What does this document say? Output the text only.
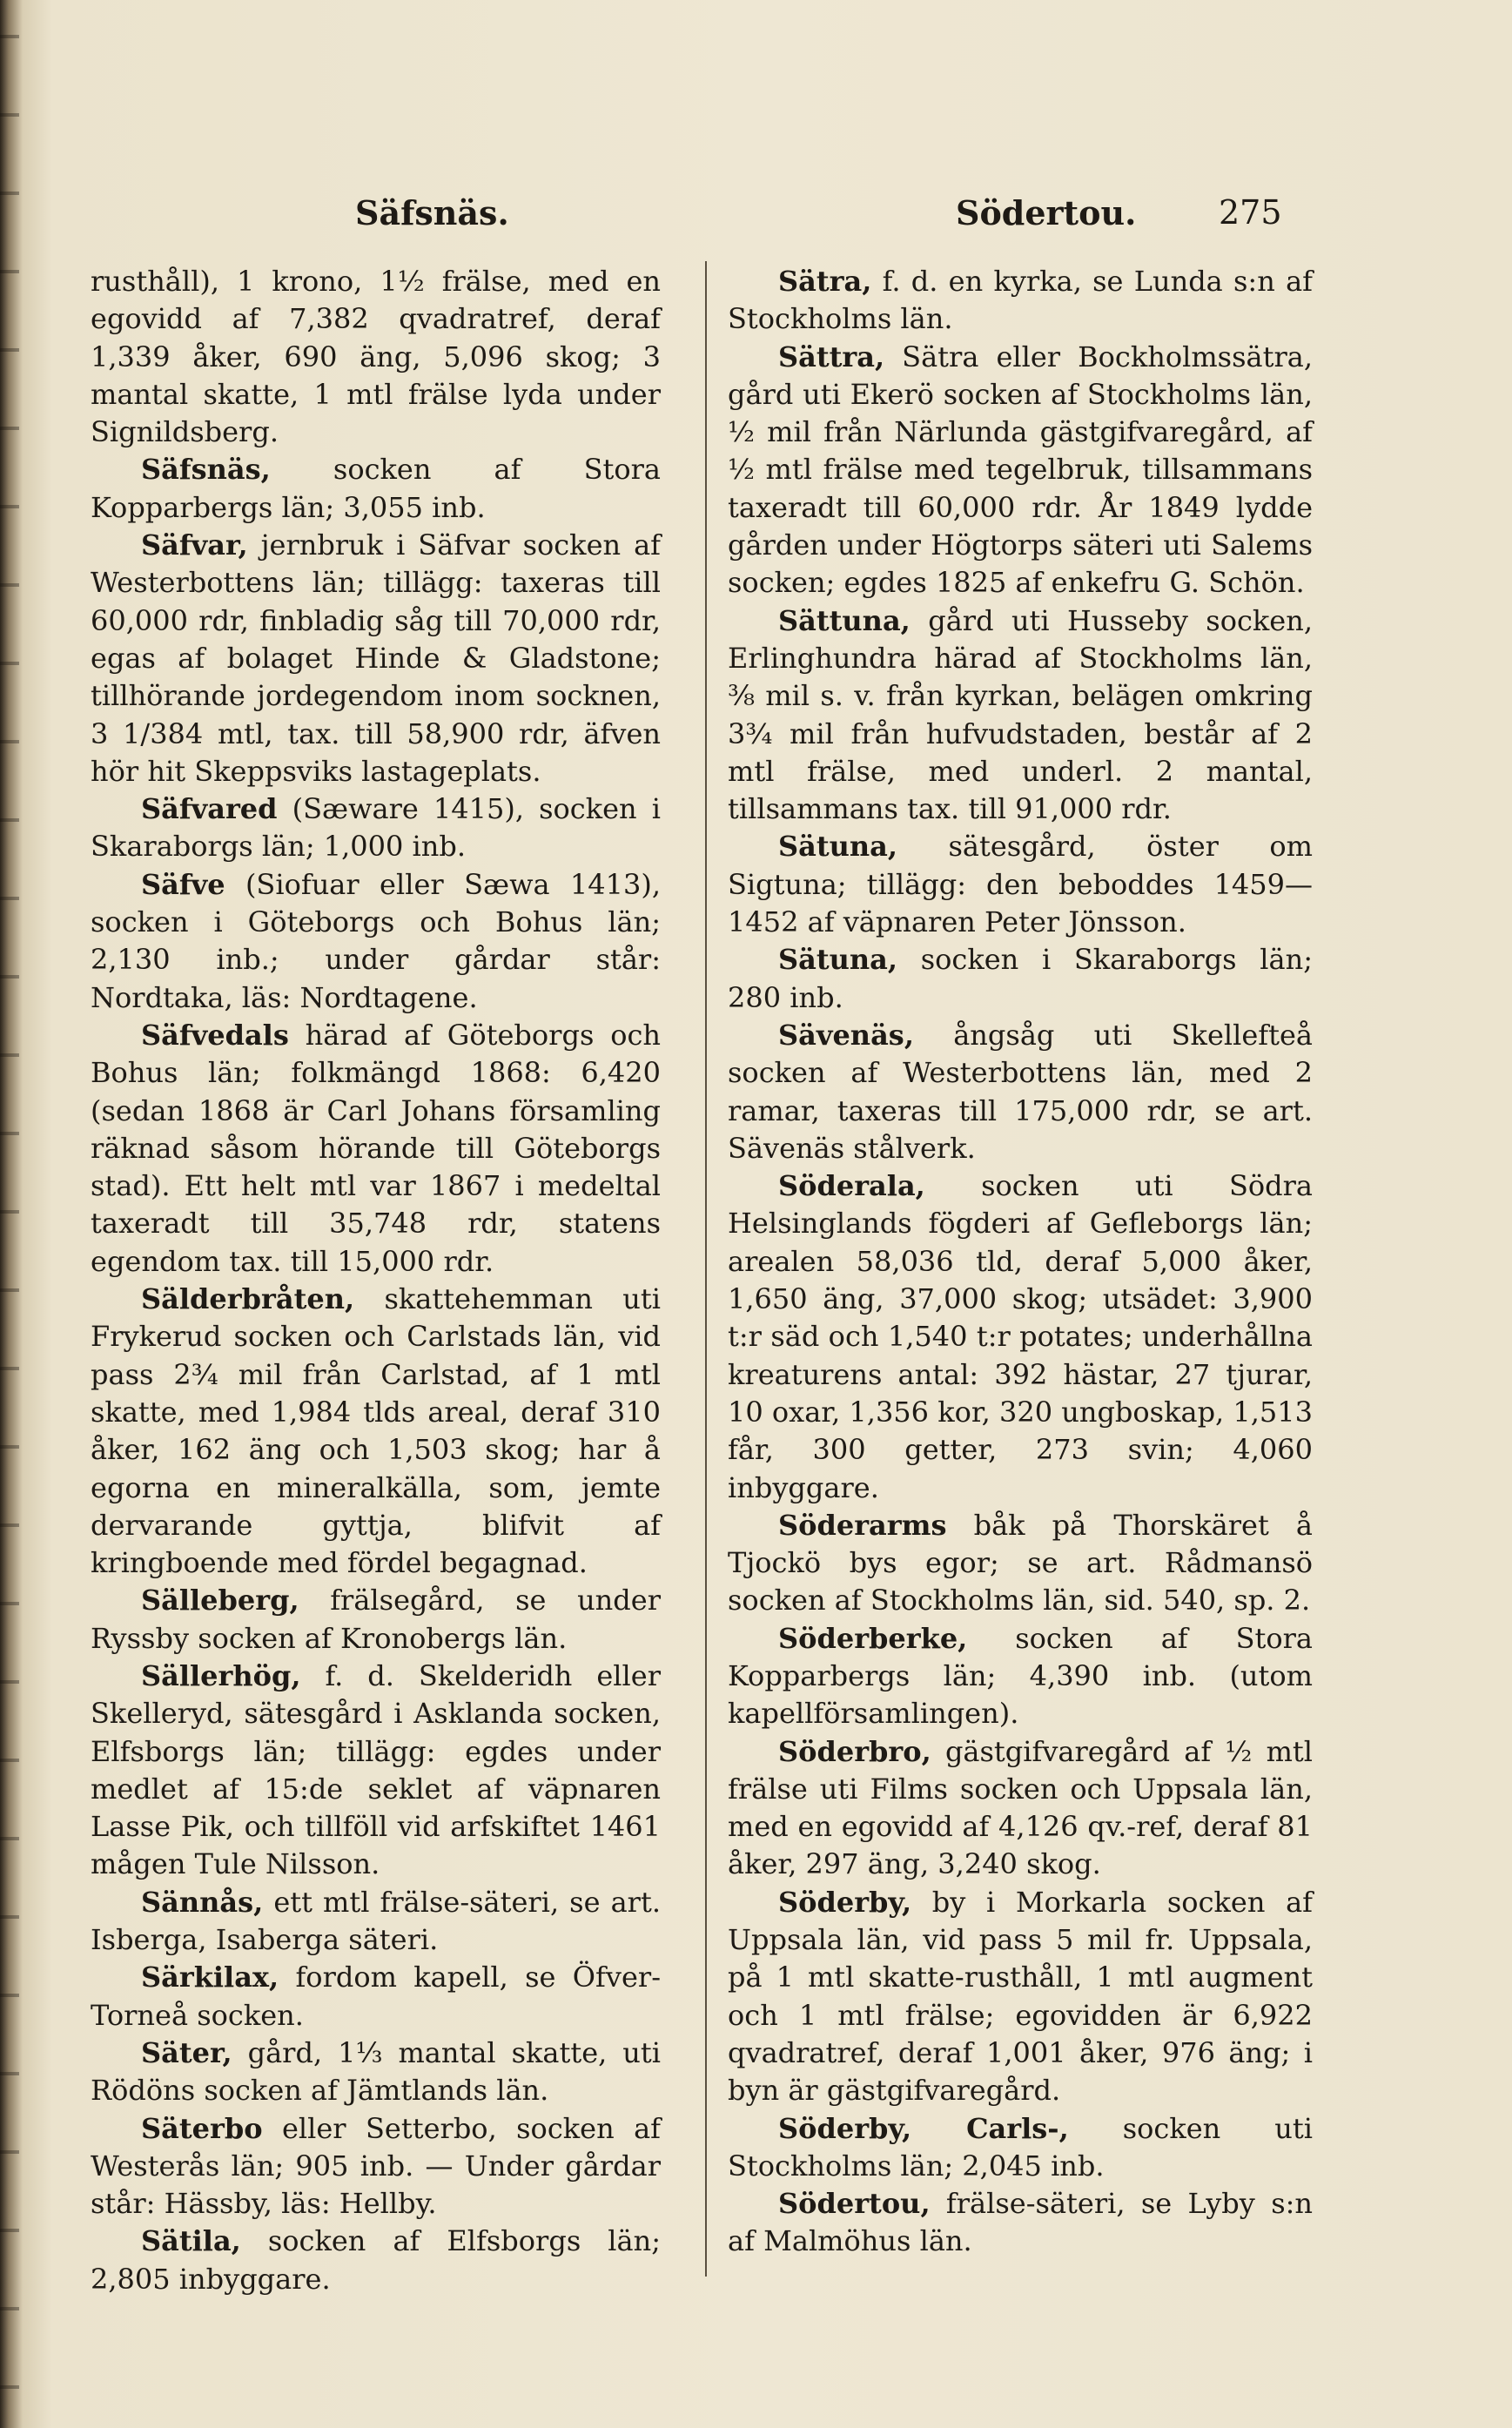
Säfsnäs.	Södertou. 275

rusthåll), 1 krono, 1½ frälse, med en egovidd af 7,382 qvadratref, deraf 1,339 åker, 690 äng, 5,096 skog; 3 mantal skatte, 1 mtl frälse lyda under Signildsberg.

Säfsnäs, socken af Stora Kopparbergs län; 3,055 inb.

Säfvar, jernbruk i Säfvar socken af Westerbottens län; tillägg: taxeras till 60,000 rdr, finbladig såg till 70,000 rdr, egas af bolaget Hinde & Gladstone; tillhörande jordegendom inom socknen, 3 1/384 mtl, tax. till 58,900 rdr, äfven hör hit Skeppsviks lastageplats.

Säfvared (Sæware 1415), socken i Skaraborgs län; 1,000 inb.

Säfve (Siofuar eller Sæwa 1413), socken i Göteborgs och Bohus län; 2,130 inb.; under gårdar står: Nordtaka, läs: Nordtagene.

Säfvedals härad af Göteborgs och Bohus län; folkmängd 1868: 6,420 (sedan 1868 är Carl Johans församling räknad såsom hörande till Göteborgs stad). Ett helt mtl var 1867 i medeltal taxeradt till 35,748 rdr, statens egendom tax. till 15,000 rdr.

Sälderbråten, skattehemman uti Frykerud socken och Carlstads län, vid pass 2¾ mil från Carlstad, af 1 mtl skatte, med 1,984 tlds areal, deraf 310 åker, 162 äng och 1,503 skog; har å egorna en mineralkälla, som, jemte dervarande gyttja, blifvit af kringboende med fördel begagnad.

Sälleberg, frälsegård, se under Ryssby socken af Kronobergs län.

Sällerhög, f. d. Skelderidh eller Skelleryd, sätesgård i Asklanda socken, Elfsborgs län; tillägg: egdes under medlet af 15:de seklet af väpnaren Lasse Pik, och tillföll vid arfskiftet 1461 mågen Tule Nilsson.

Sännås, ett mtl frälse-säteri, se art. Isberga, Isaberga säteri.

Särkilax, fordom kapell, se Öfver-Torneå socken.

Säter, gård, 1⅓ mantal skatte, uti Rödöns socken af Jämtlands län.

Säterbo eller Setterbo, socken af Westerås län; 905 inb. — Under gårdar står: Hässby, läs: Hellby.

Sätila, socken af Elfsborgs län; 2,805 inbyggare.

Sätra, f. d. en kyrka, se Lunda s:n af Stockholms län.

Sättra, Sätra eller Bockholmssätra, gård uti Ekerö socken af Stockholms län, ½ mil från Närlunda gästgifvaregård, af ½ mtl frälse med tegelbruk, tillsammans taxeradt till 60,000 rdr. År 1849 lydde gården under Högtorps säteri uti Salems socken; egdes 1825 af enkefru G. Schön.

Sättuna, gård uti Husseby socken, Erlinghundra härad af Stockholms län, ⅜ mil s. v. från kyrkan, belägen omkring 3¾ mil från hufvudstaden, består af 2 mtl frälse, med underl. 2 mantal, tillsammans tax. till 91,000 rdr.

Sätuna, sätesgård, öster om Sigtuna; tillägg: den beboddes 1459—1452 af väpnaren Peter Jönsson.

Sätuna, socken i Skaraborgs län; 280 inb.

Sävenäs, ångsåg uti Skellefteå socken af Westerbottens län, med 2 ramar, taxeras till 175,000 rdr, se art. Sävenäs stålverk.

Söderala, socken uti Södra Helsinglands fögderi af Gefleborgs län; arealen 58,036 tld, deraf 5,000 åker, 1,650 äng, 37,000 skog; utsädet: 3,900 t:r säd och 1,540 t:r potates; underhållna kreaturens antal: 392 hästar, 27 tjurar, 10 oxar, 1,356 kor, 320 ungboskap, 1,513 får, 300 getter, 273 svin; 4,060 inbyggare.

Söderarms båk på Thorskäret å Tjockö bys egor; se art. Rådmansö socken af Stockholms län, sid. 540, sp. 2.

Söderberke, socken af Stora Kopparbergs län; 4,390 inb. (utom kapellförsamlingen).

Söderbro, gästgifvaregård af ½ mtl frälse uti Films socken och Uppsala län, med en egovidd af 4,126 qv.-ref, deraf 81 åker, 297 äng, 3,240 skog.

Söderby, by i Morkarla socken af Uppsala län, vid pass 5 mil fr. Uppsala, på 1 mtl skatte-rusthåll, 1 mtl augment och 1 mtl frälse; egovidden är 6,922 qvadratref, deraf 1,001 åker, 976 äng; i byn är gästgifvaregård.

Söderby, Carls-, socken uti Stockholms län; 2,045 inb.

Södertou, frälse-säteri, se Lyby s:n af Malmöhus län.
